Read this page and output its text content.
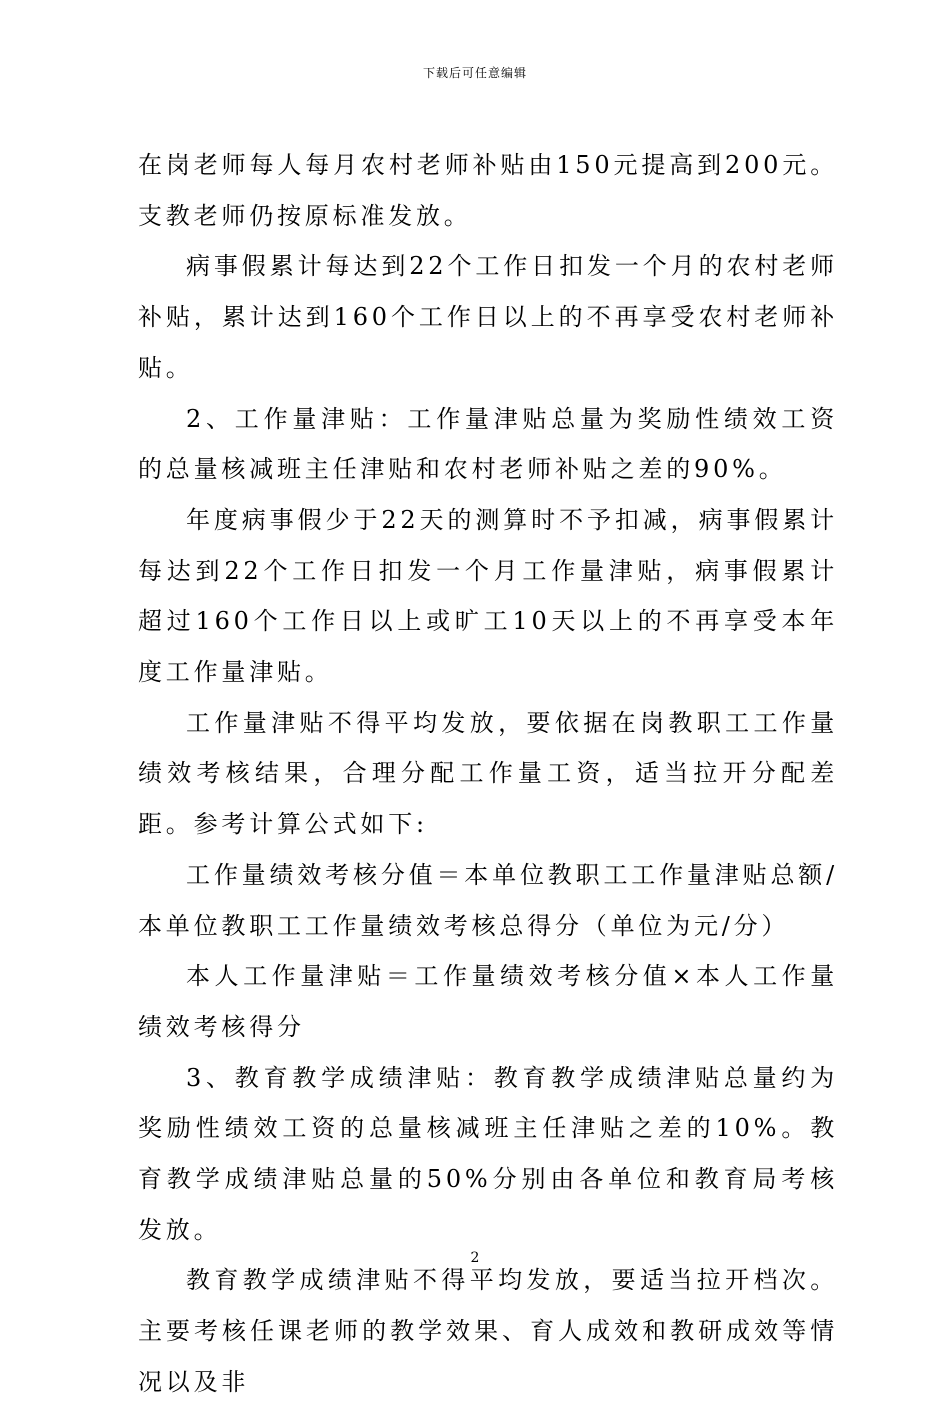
下载后可任意编辑

在岗老师每人每月农村老师补贴由150元提高到200元。支教老师仍按原标准发放。

病事假累计每达到22个工作日扣发一个月的农村老师补贴，累计达到160个工作日以上的不再享受农村老师补贴。

2、工作量津贴：工作量津贴总量为奖励性绩效工资的总量核减班主任津贴和农村老师补贴之差的90%。

年度病事假少于22天的测算时不予扣减，病事假累计每达到22个工作日扣发一个月工作量津贴，病事假累计超过160个工作日以上或旷工10天以上的不再享受本年度工作量津贴。

工作量津贴不得平均发放，要依据在岗教职工工作量绩效考核结果，合理分配工作量工资，适当拉开分配差距。参考计算公式如下:

工作量绩效考核分值＝本单位教职工工作量津贴总额/本单位教职工工作量绩效考核总得分（单位为元/分）

本人工作量津贴＝工作量绩效考核分值×本人工作量绩效考核得分

3、教育教学成绩津贴：教育教学成绩津贴总量约为奖励性绩效工资的总量核减班主任津贴之差的10%。教育教学成绩津贴总量的50%分别由各单位和教育局考核发放。

教育教学成绩津贴不得平均发放，要适当拉开档次。主要考核任课老师的教学效果、育人成效和教研成效等情况以及非

2
